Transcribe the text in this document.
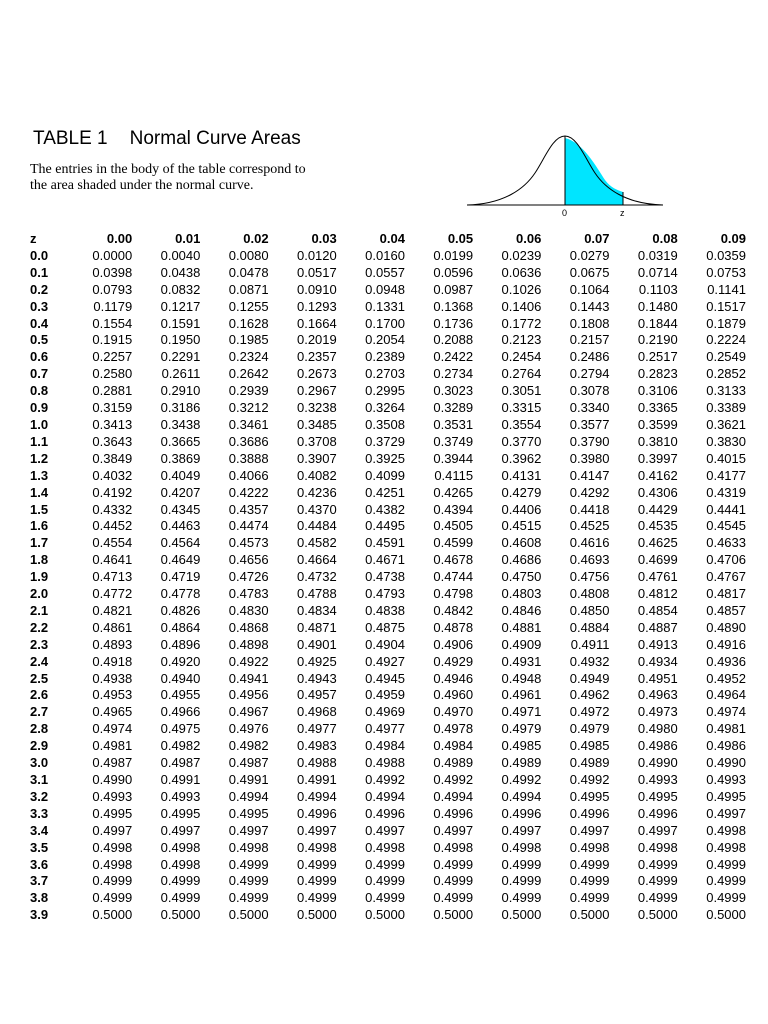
TABLE 1 Normal Curve Areas
The entries in the body of the table correspond to
the area shaded under the normal curve.
0	z
z	0.00	0.01	0.02	0.03	0.04	0.05	0.06	0.07	0.08	0.09
0.0	0.0000	0.0040	0.0080	0.0120	0.0160	0.0199	0.0239	0.0279	0.0319	0.0359
0.1	0.0398	0.0438	0.0478	0.0517	0.0557	0.0596	0.0636	0.0675	0.0714	0.0753
0.2	0.0793	0.0832	0.0871	0.0910	0.0948	0.0987	0.1026	0.1064	0.1103	0.1141
0.3	0.1179	0.1217	0.1255	0.1293	0.1331	0.1368	0.1406	0.1443	0.1480	0.1517
0.4	0.1554	0.1591	0.1628	0.1664	0.1700	0.1736	0.1772	0.1808	0.1844	0.1879
0.5	0.1915	0.1950	0.1985	0.2019	0.2054	0.2088	0.2123	0.2157	0.2190	0.2224
0.6	0.2257	0.2291	0.2324	0.2357	0.2389	0.2422	0.2454	0.2486	0.2517	0.2549
0.7	0.2580	0.2611	0.2642	0.2673	0.2703	0.2734	0.2764	0.2794	0.2823	0.2852
0.8	0.2881	0.2910	0.2939	0.2967	0.2995	0.3023	0.3051	0.3078	0.3106	0.3133
0.9	0.3159	0.3186	0.3212	0.3238	0.3264	0.3289	0.3315	0.3340	0.3365	0.3389
1.0	0.3413	0.3438	0.3461	0.3485	0.3508	0.3531	0.3554	0.3577	0.3599	0.3621
1.1	0.3643	0.3665	0.3686	0.3708	0.3729	0.3749	0.3770	0.3790	0.3810	0.3830
1.2	0.3849	0.3869	0.3888	0.3907	0.3925	0.3944	0.3962	0.3980	0.3997	0.4015
1.3	0.4032	0.4049	0.4066	0.4082	0.4099	0.4115	0.4131	0.4147	0.4162	0.4177
1.4	0.4192	0.4207	0.4222	0.4236	0.4251	0.4265	0.4279	0.4292	0.4306	0.4319
1.5	0.4332	0.4345	0.4357	0.4370	0.4382	0.4394	0.4406	0.4418	0.4429	0.4441
1.6	0.4452	0.4463	0.4474	0.4484	0.4495	0.4505	0.4515	0.4525	0.4535	0.4545
1.7	0.4554	0.4564	0.4573	0.4582	0.4591	0.4599	0.4608	0.4616	0.4625	0.4633
1.8	0.4641	0.4649	0.4656	0.4664	0.4671	0.4678	0.4686	0.4693	0.4699	0.4706
1.9	0.4713	0.4719	0.4726	0.4732	0.4738	0.4744	0.4750	0.4756	0.4761	0.4767
2.0	0.4772	0.4778	0.4783	0.4788	0.4793	0.4798	0.4803	0.4808	0.4812	0.4817
2.1	0.4821	0.4826	0.4830	0.4834	0.4838	0.4842	0.4846	0.4850	0.4854	0.4857
2.2	0.4861	0.4864	0.4868	0.4871	0.4875	0.4878	0.4881	0.4884	0.4887	0.4890
2.3	0.4893	0.4896	0.4898	0.4901	0.4904	0.4906	0.4909	0.4911	0.4913	0.4916
2.4	0.4918	0.4920	0.4922	0.4925	0.4927	0.4929	0.4931	0.4932	0.4934	0.4936
2.5	0.4938	0.4940	0.4941	0.4943	0.4945	0.4946	0.4948	0.4949	0.4951	0.4952
2.6	0.4953	0.4955	0.4956	0.4957	0.4959	0.4960	0.4961	0.4962	0.4963	0.4964
2.7	0.4965	0.4966	0.4967	0.4968	0.4969	0.4970	0.4971	0.4972	0.4973	0.4974
2.8	0.4974	0.4975	0.4976	0.4977	0.4977	0.4978	0.4979	0.4979	0.4980	0.4981
2.9	0.4981	0.4982	0.4982	0.4983	0.4984	0.4984	0.4985	0.4985	0.4986	0.4986
3.0	0.4987	0.4987	0.4987	0.4988	0.4988	0.4989	0.4989	0.4989	0.4990	0.4990
3.1	0.4990	0.4991	0.4991	0.4991	0.4992	0.4992	0.4992	0.4992	0.4993	0.4993
3.2	0.4993	0.4993	0.4994	0.4994	0.4994	0.4994	0.4994	0.4995	0.4995	0.4995
3.3	0.4995	0.4995	0.4995	0.4996	0.4996	0.4996	0.4996	0.4996	0.4996	0.4997
3.4	0.4997	0.4997	0.4997	0.4997	0.4997	0.4997	0.4997	0.4997	0.4997	0.4998
3.5	0.4998	0.4998	0.4998	0.4998	0.4998	0.4998	0.4998	0.4998	0.4998	0.4998
3.6	0.4998	0.4998	0.4999	0.4999	0.4999	0.4999	0.4999	0.4999	0.4999	0.4999
3.7	0.4999	0.4999	0.4999	0.4999	0.4999	0.4999	0.4999	0.4999	0.4999	0.4999
3.8	0.4999	0.4999	0.4999	0.4999	0.4999	0.4999	0.4999	0.4999	0.4999	0.4999
3.9	0.5000	0.5000	0.5000	0.5000	0.5000	0.5000	0.5000	0.5000	0.5000	0.5000
